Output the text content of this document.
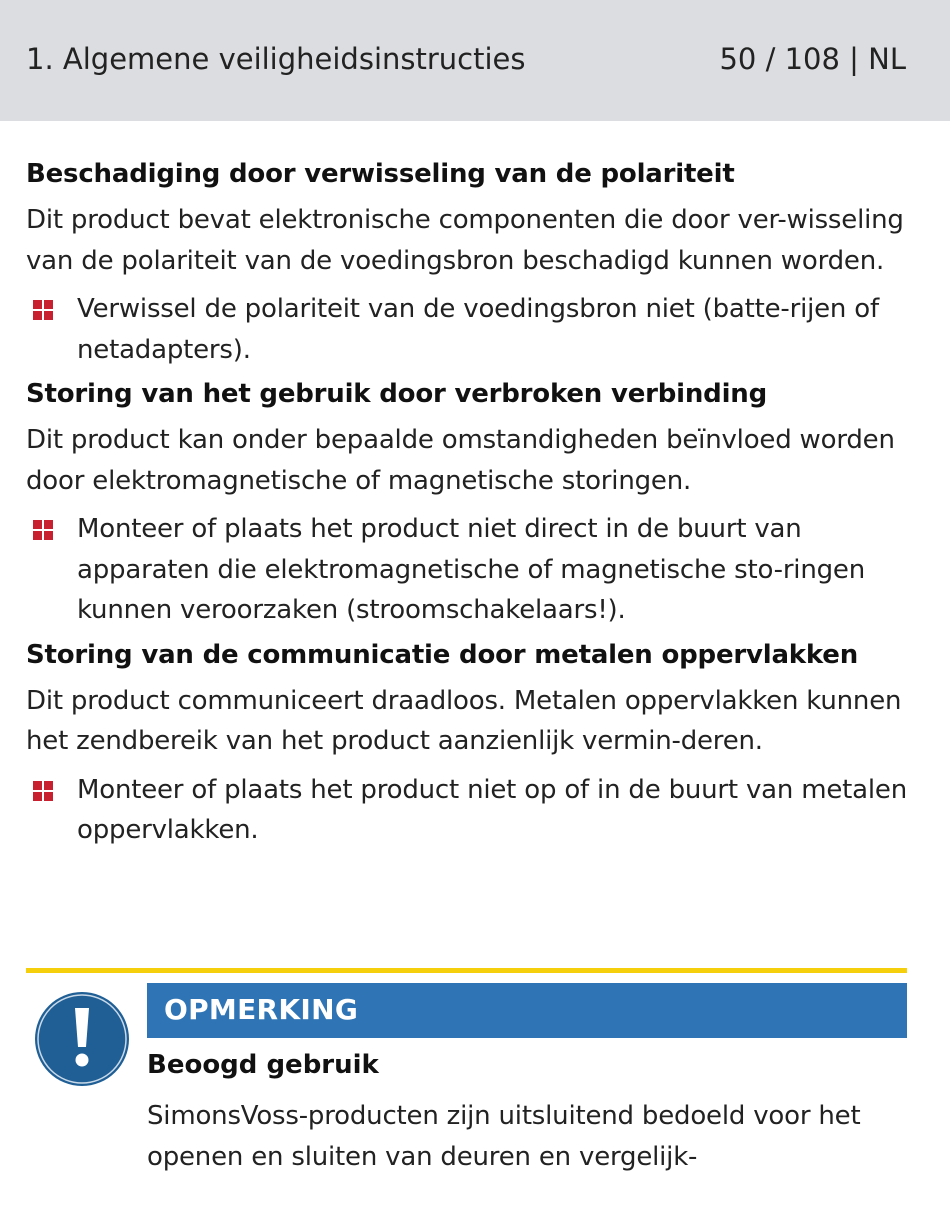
1. Algemene veiligheidsinstructies	50 / 108 | NL
Beschadiging door verwisseling van de polariteit

Dit product bevat elektronische componenten die door ver-wisseling van de polariteit van de voedingsbron beschadigd kunnen worden.

Verwissel de polariteit van de voedingsbron niet (batte-rijen of netadapters).
Storing van het gebruik door verbroken verbinding

Dit product kan onder bepaalde omstandigheden beïnvloed worden door elektromagnetische of magnetische storingen.

Monteer of plaats het product niet direct in de buurt van apparaten die elektromagnetische of magnetische sto-ringen kunnen veroorzaken (stroomschakelaars!).
Storing van de communicatie door metalen oppervlakken

Dit product communiceert draadloos. Metalen oppervlakken kunnen het zendbereik van het product aanzienlijk vermin-deren.

Monteer of plaats het product niet op of in de buurt van metalen oppervlakken.
OPMERKING
Beoogd gebruik

SimonsVoss-producten zijn uitsluitend bedoeld voor het openen en sluiten van deuren en vergelijk-
